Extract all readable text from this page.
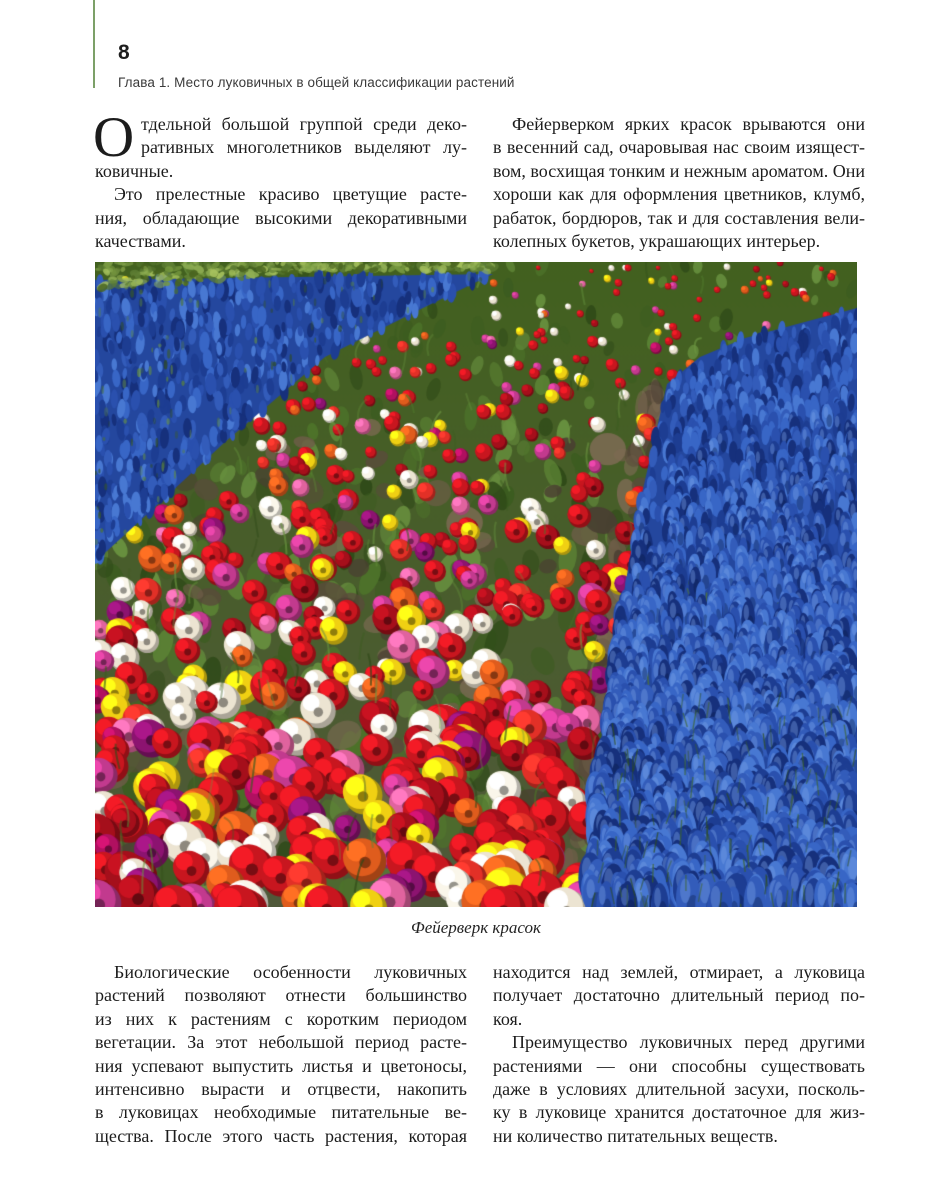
8
Глава 1. Место луковичных в общей классификации растений
О тдельной большой группой среди деко-
ративных многолетников выделяют лу-
ковичные.
Это прелестные красиво цветущие расте-
ния, обладающие высокими декоративными
качествами.
Фейерверком ярких красок врываются они
в весенний сад, очаровывая нас своим изящест-
вом, восхищая тонким и нежным ароматом. Они
хороши как для оформления цветников, клумб,
рабаток, бордюров, так и для составления вели-
колепных букетов, украшающих интерьер.
Фейерверк красок
Биологические особенности луковичных
растений позволяют отнести большинство
из них к растениям с коротким периодом
вегетации. За этот небольшой период расте-
ния успевают выпустить листья и цветоносы,
интенсивно вырасти и отцвести, накопить
в луковицах необходимые питательные ве-
щества. После этого часть растения, которая
находится над землей, отмирает, а луковица
получает достаточно длительный период по-
коя.
Преимущество луковичных перед другими
растениями — они способны существовать
даже в условиях длительной засухи, посколь-
ку в луковице хранится достаточное для жиз-
ни количество питательных веществ.
